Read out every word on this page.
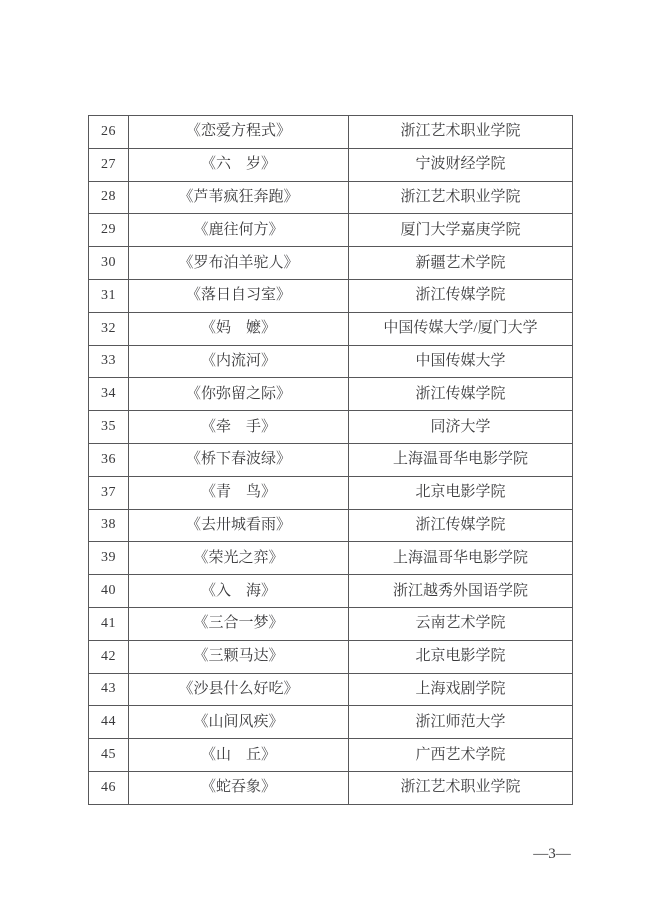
26	《恋爱方程式》	浙江艺术职业学院
27	《六　岁》	宁波财经学院
28	《芦苇疯狂奔跑》	浙江艺术职业学院
29	《鹿往何方》	厦门大学嘉庚学院
30	《罗布泊羊驼人》	新疆艺术学院
31	《落日自习室》	浙江传媒学院
32	《妈　嬷》	中国传媒大学/厦门大学
33	《内流河》	中国传媒大学
34	《你弥留之际》	浙江传媒学院
35	《牵　手》	同济大学
36	《桥下春波绿》	上海温哥华电影学院
37	《青　鸟》	北京电影学院
38	《去卅城看雨》	浙江传媒学院
39	《荣光之弈》	上海温哥华电影学院
40	《入　海》	浙江越秀外国语学院
41	《三合一梦》	云南艺术学院
42	《三颗马达》	北京电影学院
43	《沙县什么好吃》	上海戏剧学院
44	《山间风疾》	浙江师范大学
45	《山　丘》	广西艺术学院
46	《蛇吞象》	浙江艺术职业学院
—3—
